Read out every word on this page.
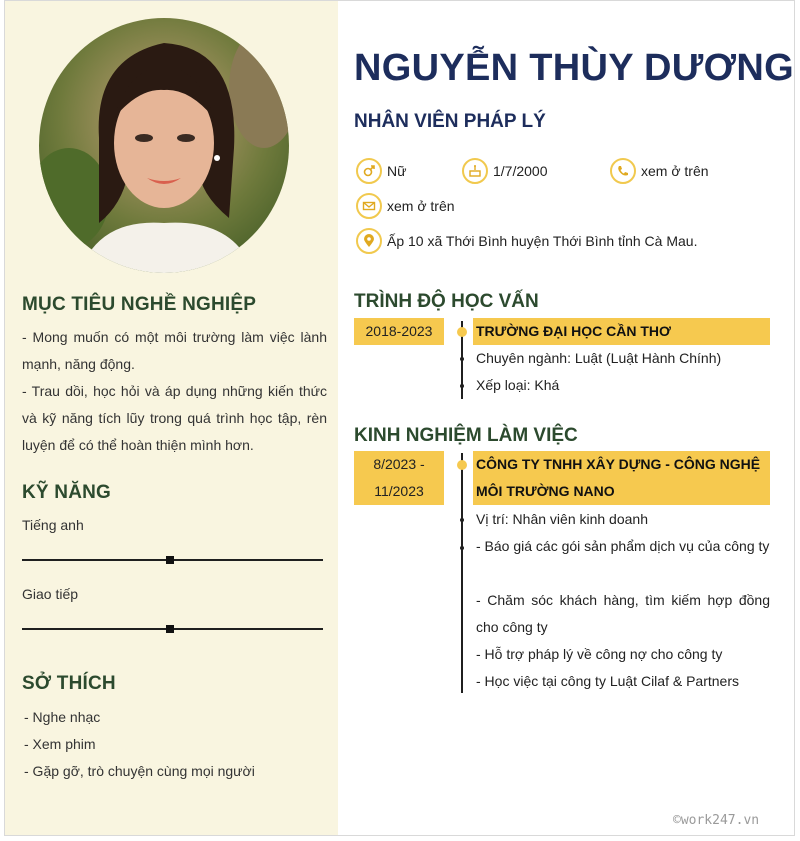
MỤC TIÊU NGHỀ NGHIỆP

- Mong muốn có một môi trường làm việc lành mạnh, năng động.

- Trau dồi, học hỏi và áp dụng những kiến thức và kỹ năng tích lũy trong quá trình học tập, rèn luyện để có thể hoàn thiện mình hơn.

KỸ NĂNG
Tiếng anh
Giao tiếp
SỞ THÍCH
- Nghe nhạc
- Xem phim
- Gặp gỡ, trò chuyện cùng mọi người
NGUYỄN THÙY DƯƠNG
NHÂN VIÊN PHÁP LÝ
Nữ	1/7/2000	xem ở trên
xem ở trên
Ấp 10 xã Thới Bình huyện Thới Bình tỉnh Cà Mau.
TRÌNH ĐỘ HỌC VẤN
2018-2023	TRƯỜNG ĐẠI HỌC CẦN THƠ
Chuyên ngành: Luật (Luật Hành Chính)
Xếp loại: Khá
KINH NGHIỆM LÀM VIỆC
8/2023 -
11/2023
CÔNG TY TNHH XÂY DỰNG - CÔNG NGHỆ MÔI TRƯỜNG NANO
Vị trí: Nhân viên kinh doanh
- Báo giá các gói sản phẩm dịch vụ của công ty
- Chăm sóc khách hàng, tìm kiếm hợp đồng cho công ty
- Hỗ trợ pháp lý về công nợ cho công ty
- Học việc tại công ty Luật Cilaf & Partners
©work247.vn
